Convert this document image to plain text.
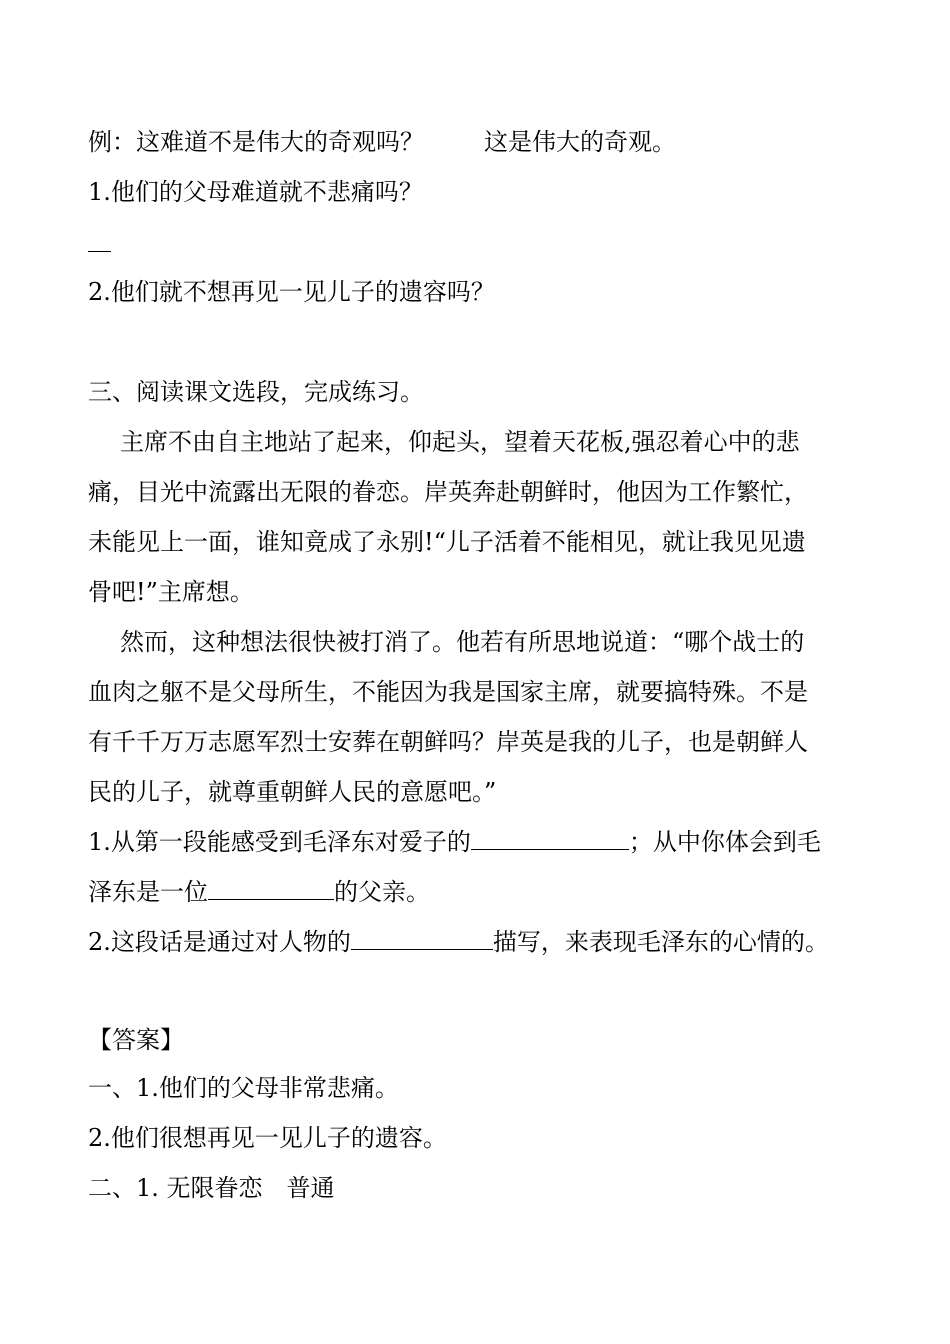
例：这难道不是伟大的奇观吗？	这是伟大的奇观。
1.他们的父母难道就不悲痛吗？
2.他们就不想再见一见儿子的遗容吗？
三、阅读课文选段，完成练习。
主席不由自主地站了起来，仰起头，望着天花板,强忍着心中的悲
痛，目光中流露出无限的眷恋。岸英奔赴朝鲜时，他因为工作繁忙，
未能见上一面，谁知竟成了永别!“儿子活着不能相见，就让我见见遗
骨吧!”主席想。
然而，这种想法很快被打消了。他若有所思地说道：“哪个战士的
血肉之躯不是父母所生，不能因为我是国家主席，就要搞特殊。不是
有千千万万志愿军烈士安葬在朝鲜吗？岸英是我的儿子，也是朝鲜人
民的儿子，就尊重朝鲜人民的意愿吧。”
1.从第一段能感受到毛泽东对爱子的	；从中你体会到毛
泽东是一位	的父亲。
2.这段话是通过对人物的	描写，来表现毛泽东的心情的。
【答案】
一、1.他们的父母非常悲痛。
2.他们很想再见一见儿子的遗容。
二、1. 无限眷恋　普通
